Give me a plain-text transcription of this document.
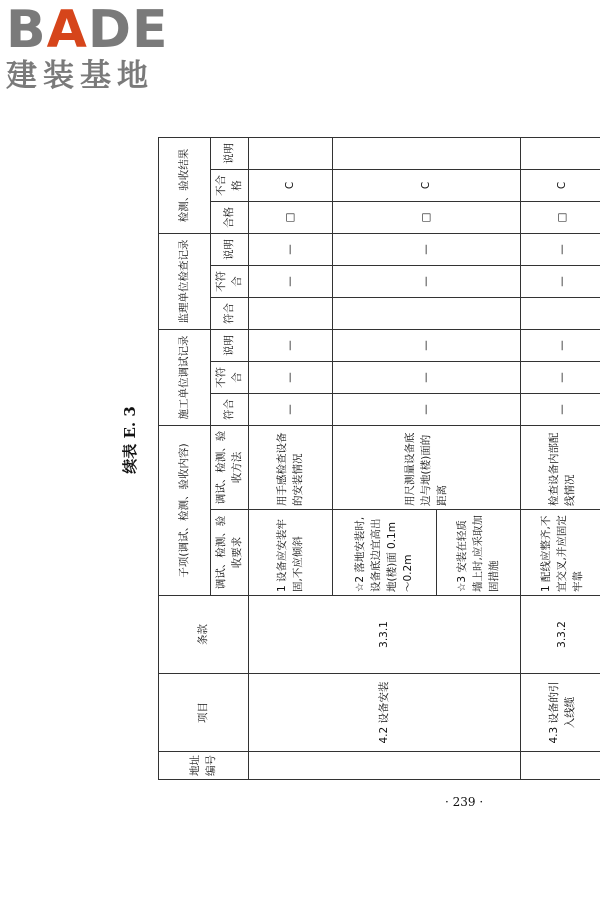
BADE
建装基地
续表 E. 3
地址编号	项目	条款	子项(调试、检测、验收内容)		施工单位调试记录			监理单位检查记录			检测、验收结果		
			调试、检测、验收要求	调试、检测、验收方法	符合	不符合	说明	符合	不符合	说明	合格	不合格	说明
	4.2 设备安装	3.3.1	1 设备应安装牢固,不应倾斜	用手感检查设备的安装情况	—	—	—		—	—	□	C	
			☆2 落地安装时,设备底边宜高出地(楼)面 0.1m～0.2m	用尺测量设备底边与地(楼)面的距离	—	—	—		—	—	□	C	
			☆3 安装在轻质墙上时,应采取加固措施										
	4.3 设备的引入线缆	3.3.2	1 配线应整齐,不宜交叉,并应固定牢靠	检查设备内部配线情况	—	—	—		—	—	□	C	
· 239 ·
